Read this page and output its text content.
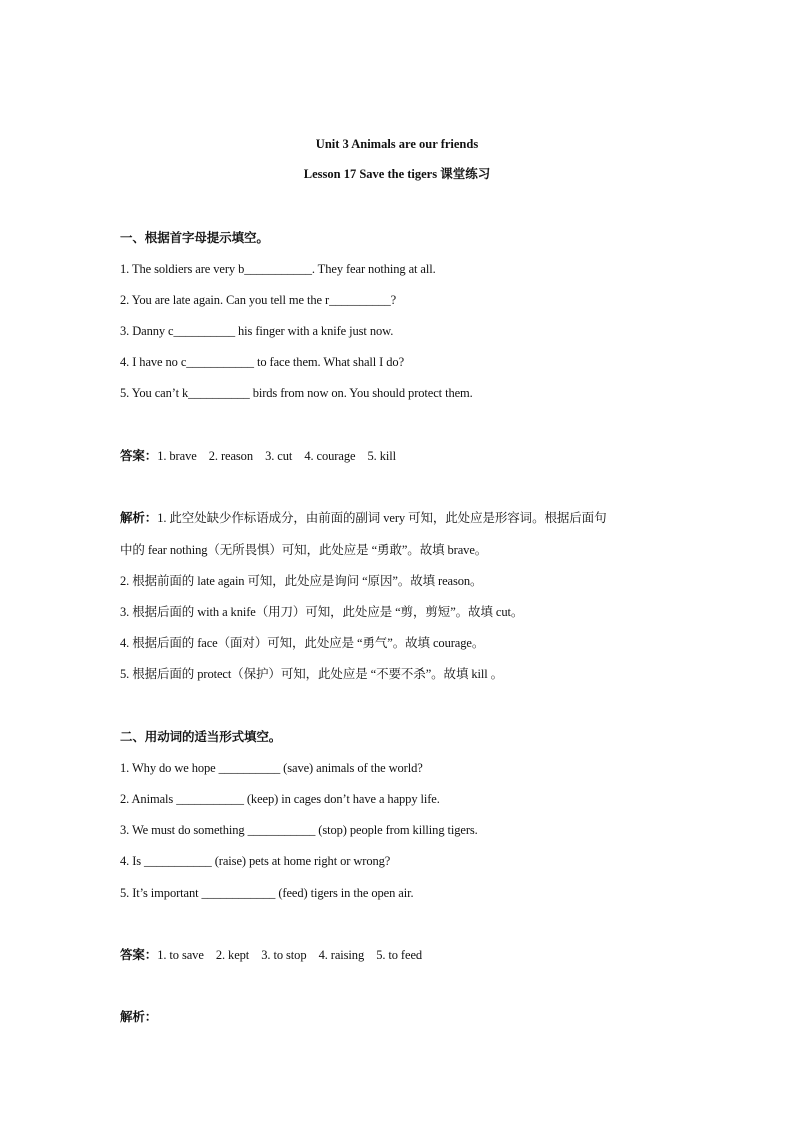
Unit 3 Animals are our friends
Lesson 17 Save the tigers 课堂练习
一、根据首字母提示填空。
1. The soldiers are very b___________. They fear nothing at all.
2. You are late again. Can you tell me the r__________?
3. Danny c__________ his finger with a knife just now.
4. I have no c___________ to face them. What shall I do?
5. You can’t k__________ birds from now on. You should protect them.
答案：1. brave    2. reason    3. cut    4. courage    5. kill
解析：1. 此空处缺少作标语成分，由前面的副词 very 可知，此处应是形容词。根据后面句
中的 fear nothing（无所畏惧）可知，此处应是 “勇敢”。故填 brave。
2. 根据前面的 late again 可知，此处应是询问 “原因”。故填 reason。
3. 根据后面的 with a knife（用刀）可知，此处应是 “剪，剪短”。故填 cut。
4. 根据后面的 face（面对）可知，此处应是 “勇气”。故填 courage。
5. 根据后面的 protect（保护）可知，此处应是 “不要不杀”。故填 kill 。
二、用动词的适当形式填空。
1. Why do we hope __________ (save) animals of the world?
2. Animals ___________ (keep) in cages don’t have a happy life.
3. We must do something ___________ (stop) people from killing tigers.
4. Is ___________ (raise) pets at home right or wrong?
5. It’s important ____________ (feed) tigers in the open air.
答案：1. to save    2. kept    3. to stop    4. raising    5. to feed
解析：
